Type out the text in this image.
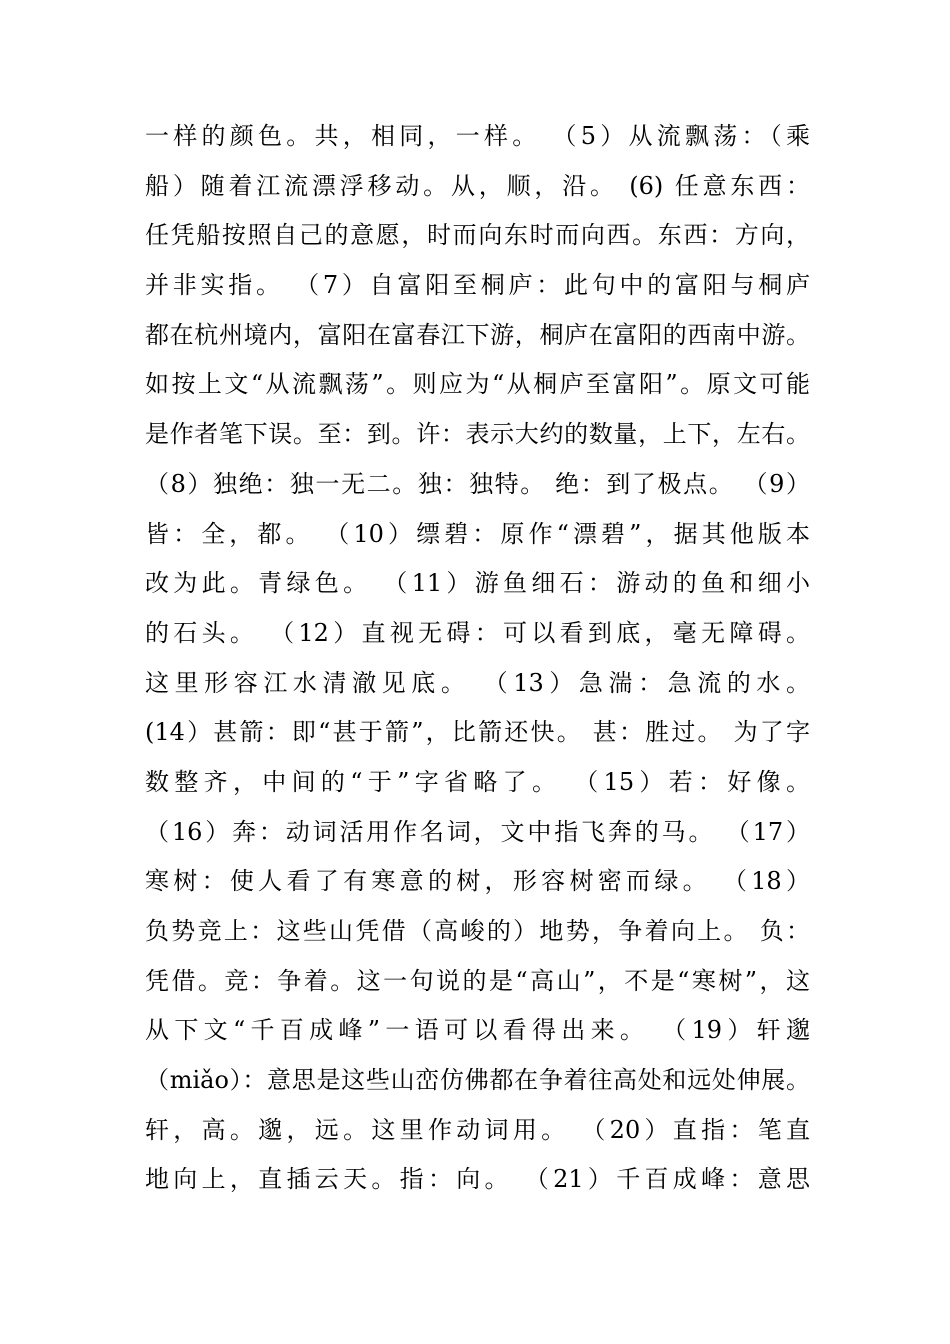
一样的颜色。共，相同，一样。 （5）从流飘荡：（乘
船）随着江流漂浮移动。从，顺，沿。 (6) 任意东西：
任凭船按照自己的意愿，时而向东时而向西。东西：方向，
并非实指。 （7）自富阳至桐庐：此句中的富阳与桐庐
都在杭州境内，富阳在富春江下游，桐庐在富阳的西南中游。
如按上文“从流飘荡”。则应为“从桐庐至富阳”。原文可能
是作者笔下误。至：到。许：表示大约的数量，上下，左右。
（8）独绝：独一无二。独：独特。 绝：到了极点。 （9）
皆：全，都。 （10）缥碧：原作“漂碧”，据其他版本
改为此。青绿色。 （11）游鱼细石：游动的鱼和细小
的石头。 （12）直视无碍：可以看到底，毫无障碍。
这里形容江水清澈见底。 （13）急湍：急流的水。
(14）甚箭：即“甚于箭”，比箭还快。 甚：胜过。 为了字
数整齐，中间的“于”字省略了。 （15）若：好像。
（16）奔：动词活用作名词，文中指飞奔的马。 （17）
寒树：使人看了有寒意的树，形容树密而绿。 （18）
负势竞上：这些山凭借（高峻的）地势，争着向上。 负：
凭借。竞：争着。这一句说的是“高山”，不是“寒树”，这
从下文“千百成峰”一语可以看得出来。 （19）轩邈
（miǎo）：意思是这些山峦仿佛都在争着往高处和远处伸展。
轩，高。邈，远。这里作动词用。 （20）直指：笔直
地向上，直插云天。指：向。 （21）千百成峰：意思
